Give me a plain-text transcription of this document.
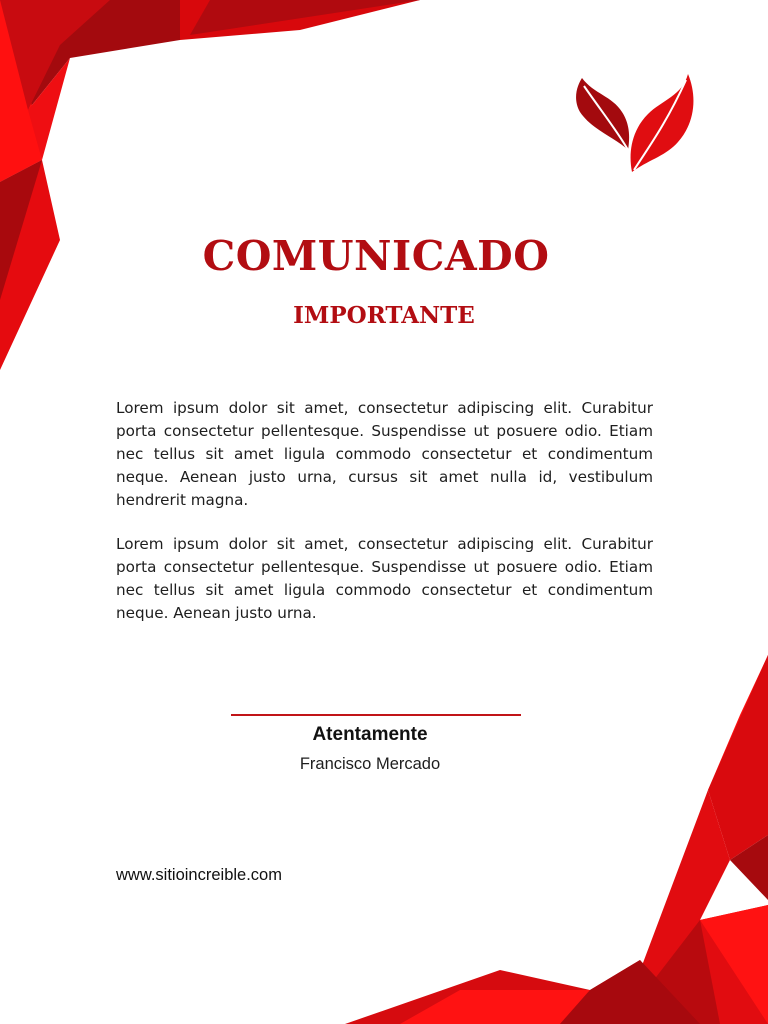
COMUNICADO
IMPORTANTE

Lorem ipsum dolor sit amet, consectetur adipiscing elit. Curabitur porta consectetur pellentesque. Suspendisse ut posuere odio. Etiam nec tellus sit amet ligula commodo consectetur et condimentum neque. Aenean justo urna, cursus sit amet nulla id, vestibulum hendrerit magna.

Lorem ipsum dolor sit amet, consectetur adipiscing elit. Curabitur porta consectetur pellentesque. Suspendisse ut posuere odio. Etiam nec tellus sit amet ligula commodo consectetur et condimentum neque. Aenean justo urna.

Atentamente

Francisco Mercado

www.sitioincreible.com
